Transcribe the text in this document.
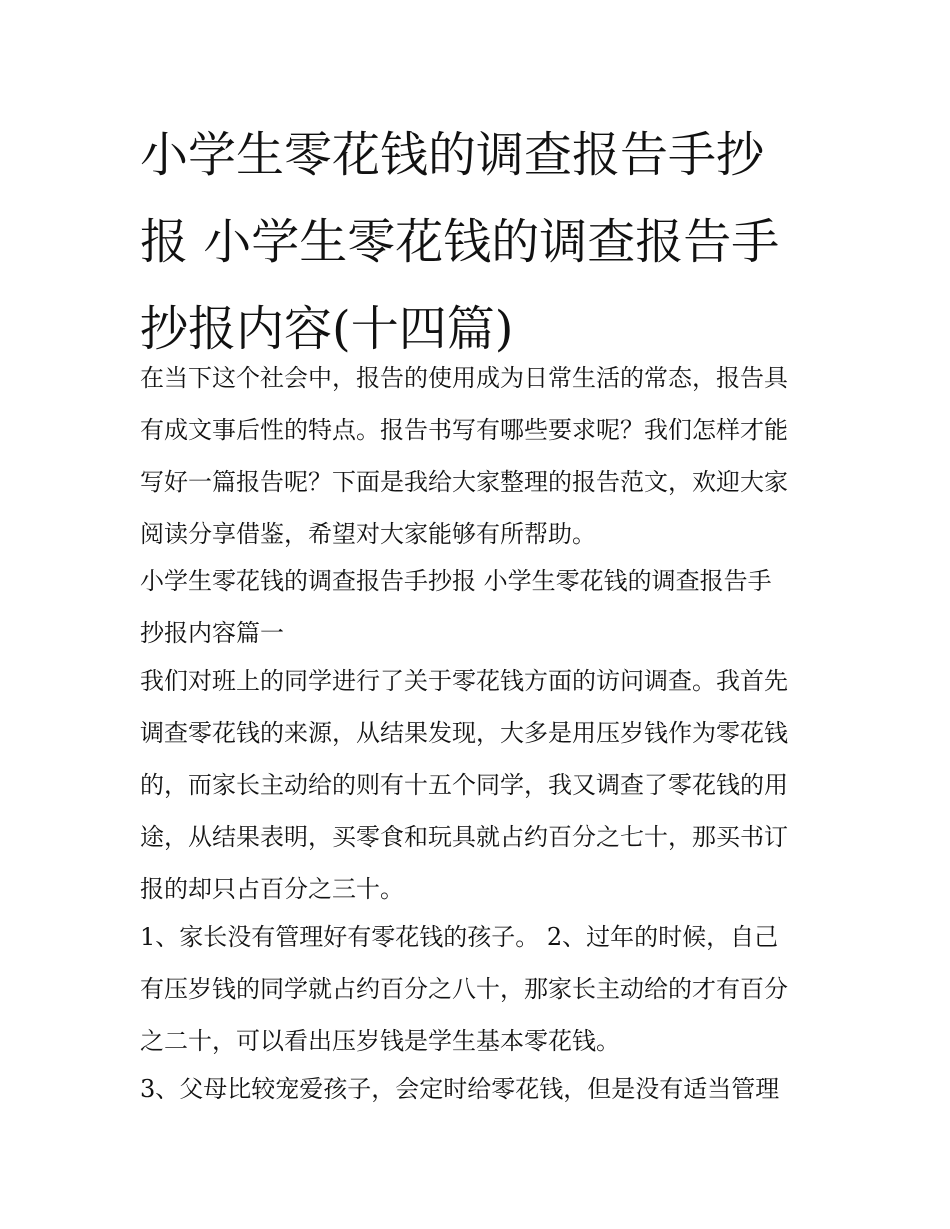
小学生零花钱的调查报告手抄
报 小学生零花钱的调查报告手
抄报内容(十四篇)

在当下这个社会中，报告的使用成为日常生活的常态，报告具
有成文事后性的特点。报告书写有哪些要求呢？我们怎样才能
写好一篇报告呢？下面是我给大家整理的报告范文，欢迎大家
阅读分享借鉴，希望对大家能够有所帮助。

小学生零花钱的调查报告手抄报 小学生零花钱的调查报告手
抄报内容篇一

我们对班上的同学进行了关于零花钱方面的访问调查。我首先
调查零花钱的来源，从结果发现，大多是用压岁钱作为零花钱
的，而家长主动给的则有十五个同学，我又调查了零花钱的用
途，从结果表明，买零食和玩具就占约百分之七十，那买书订
报的却只占百分之三十。

1、家长没有管理好有零花钱的孩子。 2、过年的时候，自己
有压岁钱的同学就占约百分之八十，那家长主动给的才有百分
之二十，可以看出压岁钱是学生基本零花钱。

3、父母比较宠爱孩子，会定时给零花钱，但是没有适当管理
